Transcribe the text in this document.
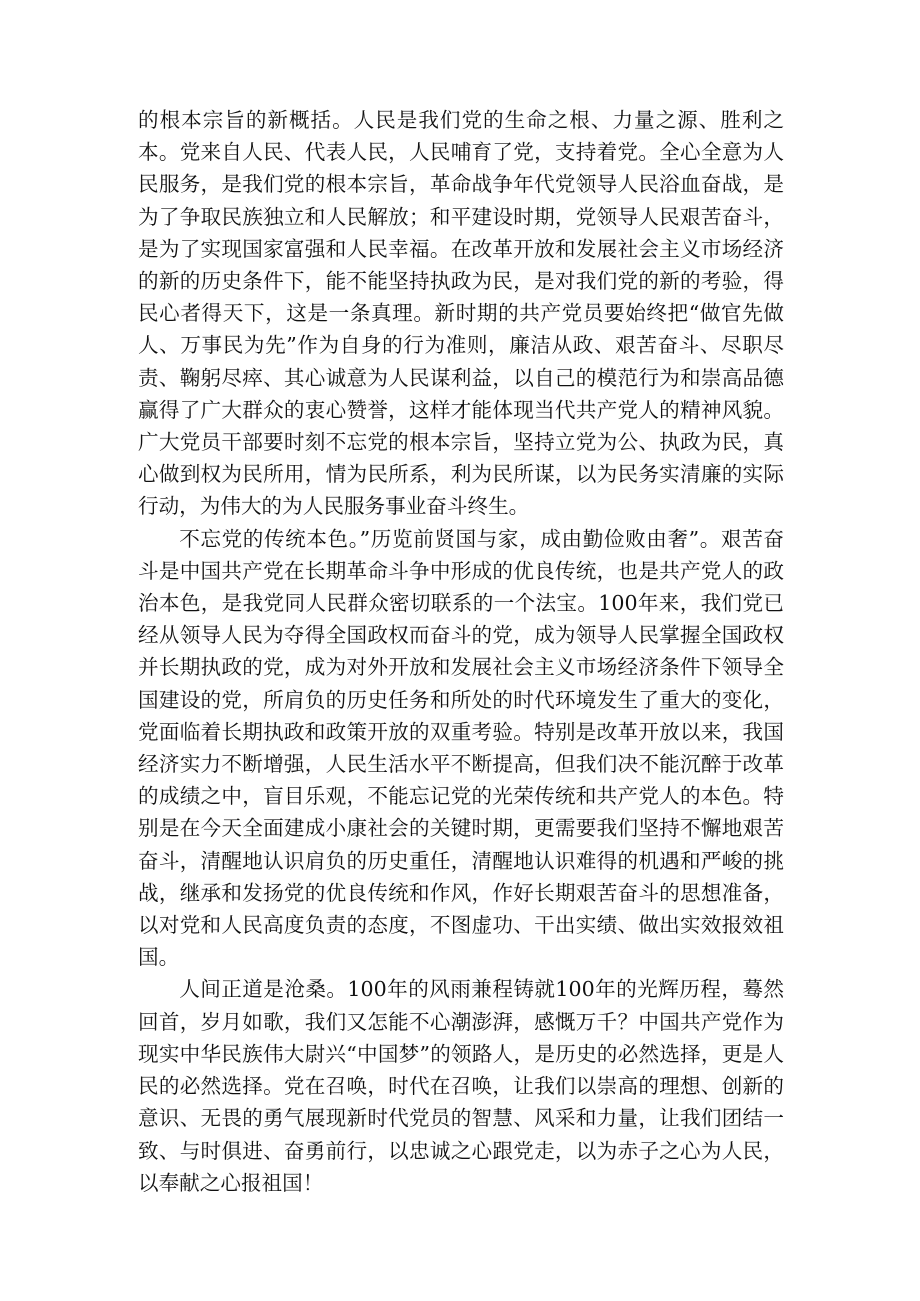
的根本宗旨的新概括。人民是我们党的生命之根、力量之源、胜利之本。党来自人民、代表人民，人民哺育了党，支持着党。全心全意为人民服务，是我们党的根本宗旨，革命战争年代党领导人民浴血奋战，是为了争取民族独立和人民解放；和平建设时期，党领导人民艰苦奋斗，是为了实现国家富强和人民幸福。在改革开放和发展社会主义市场经济的新的历史条件下，能不能坚持执政为民，是对我们党的新的考验，得民心者得天下，这是一条真理。新时期的共产党员要始终把“做官先做人、万事民为先”作为自身的行为准则，廉洁从政、艰苦奋斗、尽职尽责、鞠躬尽瘁、其心诚意为人民谋利益，以自己的模范行为和崇高品德赢得了广大群众的衷心赞誉，这样才能体现当代共产党人的精神风貌。广大党员干部要时刻不忘党的根本宗旨，坚持立党为公、执政为民，真心做到权为民所用，情为民所系，利为民所谋，以为民务实清廉的实际行动，为伟大的为人民服务事业奋斗终生。

不忘党的传统本色。”历览前贤国与家，成由勤俭败由奢”。艰苦奋斗是中国共产党在长期革命斗争中形成的优良传统，也是共产党人的政治本色，是我党同人民群众密切联系的一个法宝。100年来，我们党已经从领导人民为夺得全国政权而奋斗的党，成为领导人民掌握全国政权并长期执政的党，成为对外开放和发展社会主义市场经济条件下领导全国建设的党，所肩负的历史任务和所处的时代环境发生了重大的变化，党面临着长期执政和政策开放的双重考验。特别是改革开放以来，我国经济实力不断增强，人民生活水平不断提高，但我们决不能沉醉于改革的成绩之中，盲目乐观，不能忘记党的光荣传统和共产党人的本色。特别是在今天全面建成小康社会的关键时期，更需要我们坚持不懈地艰苦奋斗，清醒地认识肩负的历史重任，清醒地认识难得的机遇和严峻的挑战，继承和发扬党的优良传统和作风，作好长期艰苦奋斗的思想准备，以对党和人民高度负责的态度，不图虚功、干出实绩、做出实效报效祖国。

人间正道是沧桑。100年的风雨兼程铸就100年的光辉历程，蓦然回首，岁月如歌，我们又怎能不心潮澎湃，感慨万千？中国共产党作为现实中华民族伟大尉兴“中国梦”的领路人，是历史的必然选择，更是人民的必然选择。党在召唤，时代在召唤，让我们以崇高的理想、创新的意识、无畏的勇气展现新时代党员的智慧、风采和力量，让我们团结一致、与时俱进、奋勇前行，以忠诚之心跟党走，以为赤子之心为人民，以奉献之心报祖国！
